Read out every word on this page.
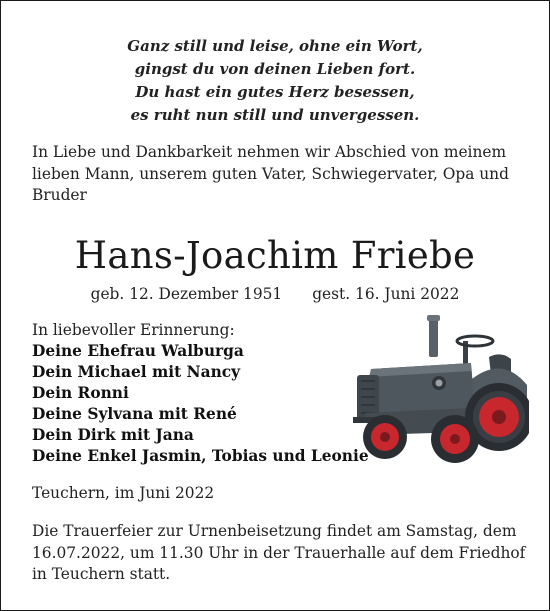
Ganz still und leise, ohne ein Wort,
gingst du von deinen Lieben fort.
Du hast ein gutes Herz besessen,
es ruht nun still und unvergessen.
In Liebe und Dankbarkeit nehmen wir Abschied von meinem
lieben Mann, unserem guten Vater, Schwiegervater, Opa und
Bruder
Hans-Joachim Friebe
geb. 12. Dezember 1951 gest. 16. Juni 2022
In liebevoller Erinnerung:
Deine Ehefrau Walburga
Dein Michael mit Nancy
Dein Ronni
Deine Sylvana mit René
Dein Dirk mit Jana
Deine Enkel Jasmin, Tobias und Leonie
Teuchern, im Juni 2022
Die Trauerfeier zur Urnenbeisetzung findet am Samstag, dem
16.07.2022, um 11.30 Uhr in der Trauerhalle auf dem Friedhof
in Teuchern statt.
